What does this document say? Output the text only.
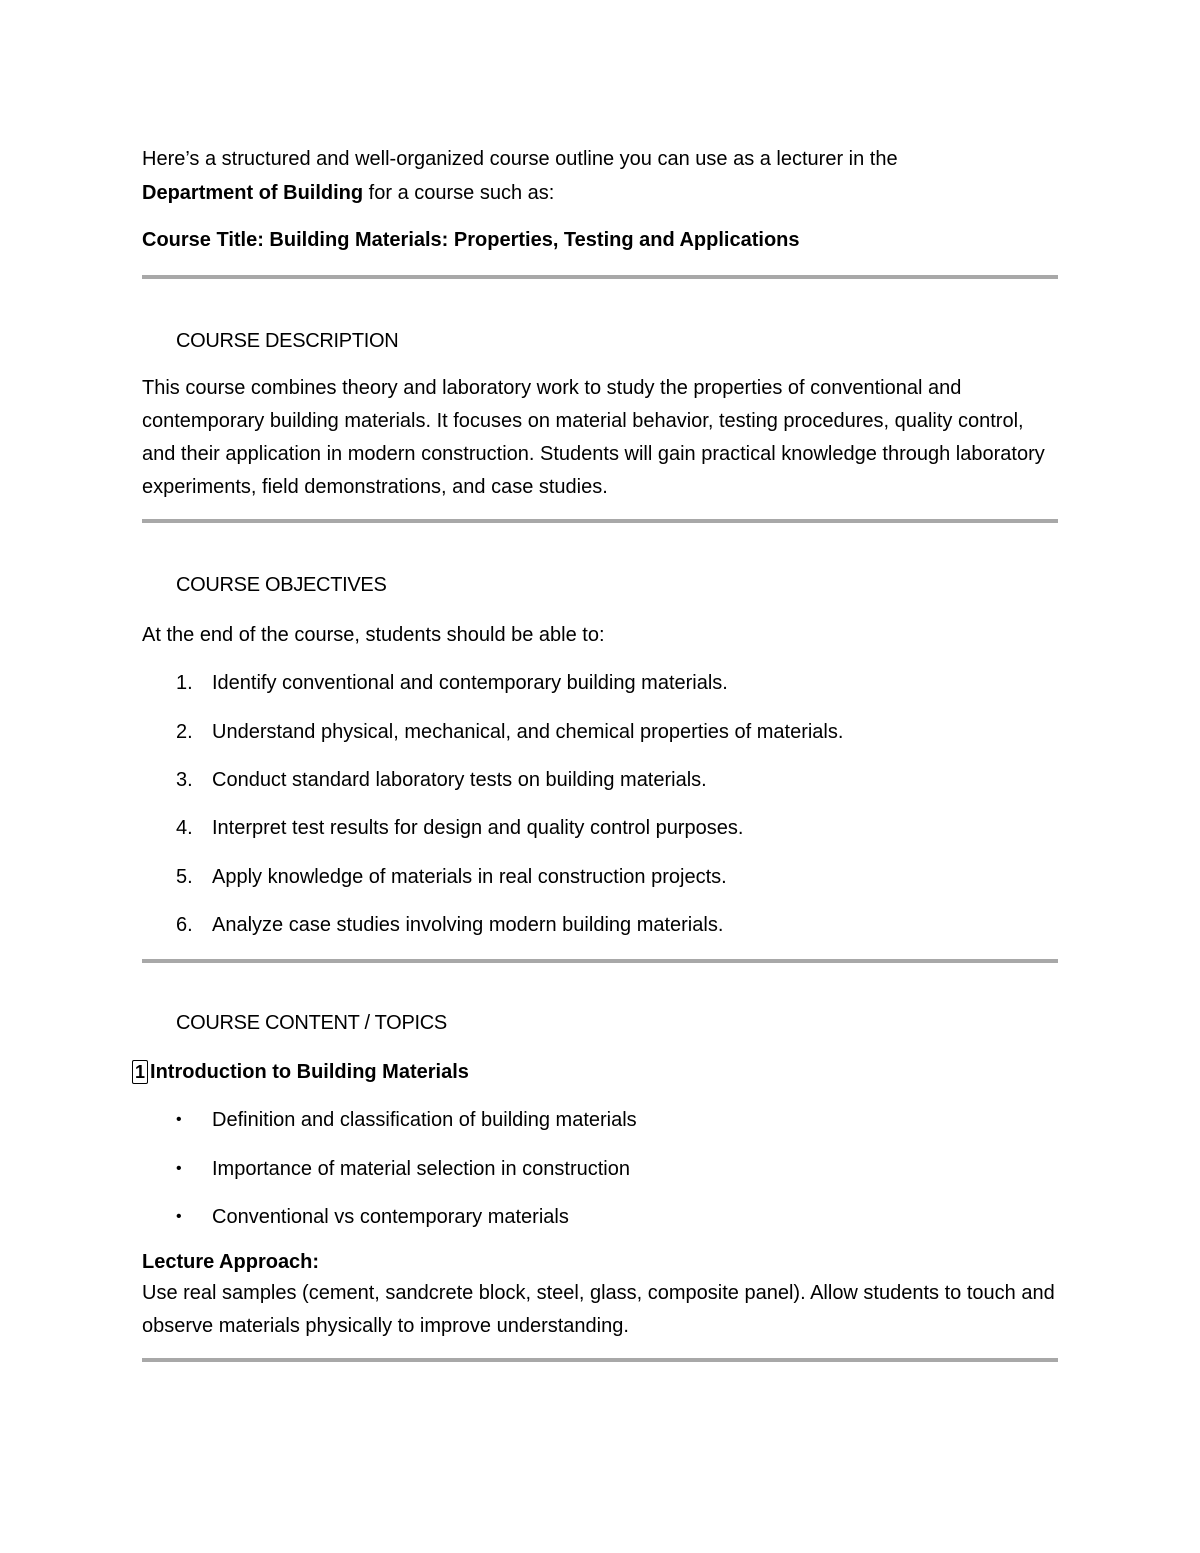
Here’s a structured and well-organized course outline you can use as a lecturer in the
Department of Building for a course such as:

Course Title: Building Materials: Properties, Testing and Applications

COURSE DESCRIPTION

This course combines theory and laboratory work to study the properties of conventional and contemporary building materials. It focuses on material behavior, testing procedures, quality control, and their application in modern construction. Students will gain practical knowledge through laboratory experiments, field demonstrations, and case studies.

COURSE OBJECTIVES

At the end of the course, students should be able to:

1. Identify conventional and contemporary building materials.
2. Understand physical, mechanical, and chemical properties of materials.
3. Conduct standard laboratory tests on building materials.
4. Interpret test results for design and quality control purposes.
5. Apply knowledge of materials in real construction projects.
6. Analyze case studies involving modern building materials.

COURSE CONTENT / TOPICS

1 Introduction to Building Materials

• Definition and classification of building materials
• Importance of material selection in construction
• Conventional vs contemporary materials

Lecture Approach:

Use real samples (cement, sandcrete block, steel, glass, composite panel). Allow students to touch and observe materials physically to improve understanding.
